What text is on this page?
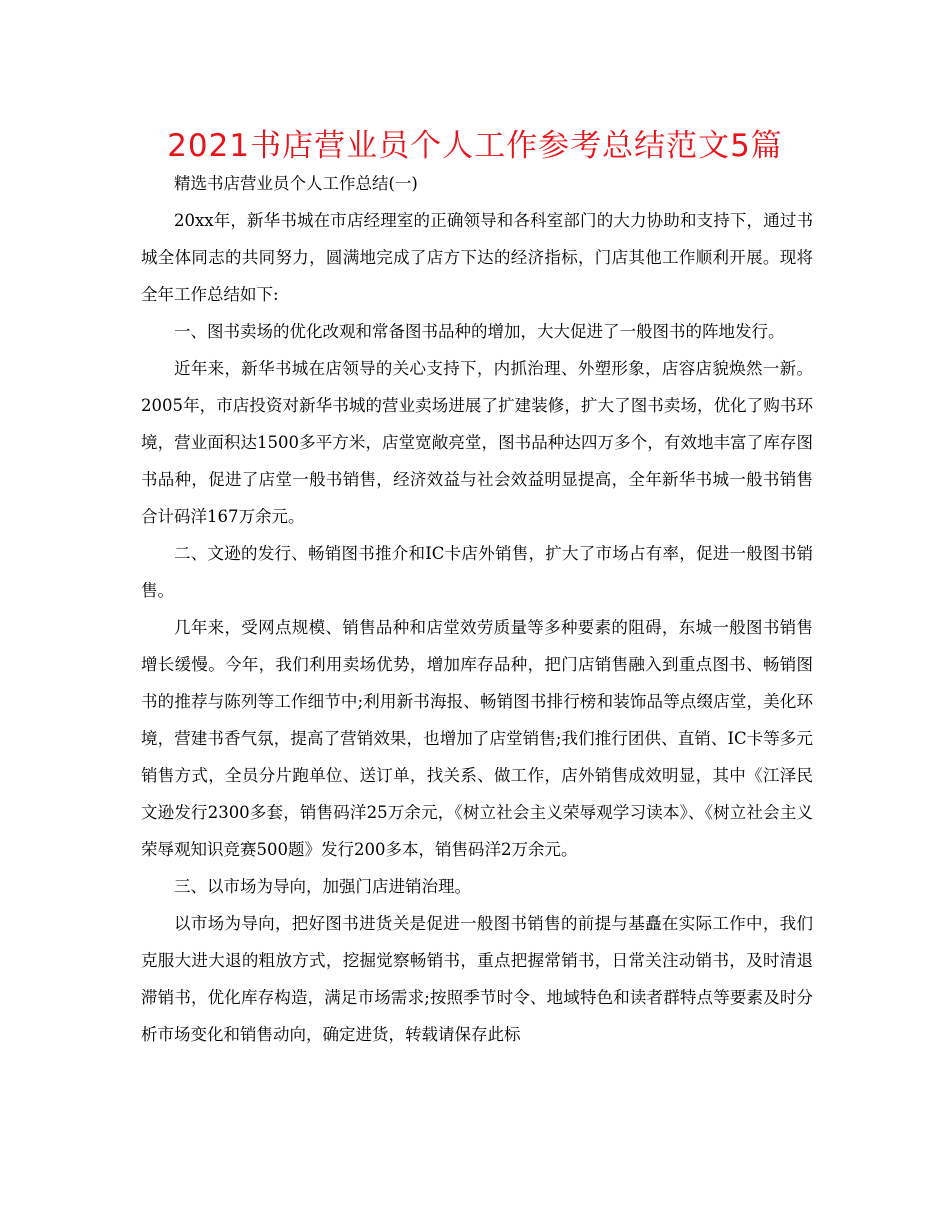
2021书店营业员个人工作参考总结范文5篇

精选书店营业员个人工作总结(一)

20xx年，新华书城在市店经理室的正确领导和各科室部门的大力协助和支持下，通过书城全体同志的共同努力，圆满地完成了店方下达的经济指标，门店其他工作顺利开展。现将全年工作总结如下:

一、图书卖场的优化改观和常备图书品种的增加，大大促进了一般图书的阵地发行。

近年来，新华书城在店领导的关心支持下，内抓治理、外塑形象，店容店貌焕然一新。2005年，市店投资对新华书城的营业卖场进展了扩建装修，扩大了图书卖场，优化了购书环境，营业面积达1500多平方米，店堂宽敞亮堂，图书品种达四万多个，有效地丰富了库存图书品种，促进了店堂一般书销售，经济效益与社会效益明显提高，全年新华书城一般书销售合计码洋167万余元。

二、文逊的发行、畅销图书推介和IC卡店外销售，扩大了市场占有率，促进一般图书销售。

几年来，受网点规模、销售品种和店堂效劳质量等多种要素的阻碍，东城一般图书销售增长缓慢。今年，我们利用卖场优势，增加库存品种，把门店销售融入到重点图书、畅销图书的推荐与陈列等工作细节中;利用新书海报、畅销图书排行榜和装饰品等点缀店堂，美化环境，营建书香气氛，提高了营销效果，也增加了店堂销售;我们推行团供、直销、IC卡等多元销售方式，全员分片跑单位、送订单，找关系、做工作，店外销售成效明显，其中《江泽民文逊发行2300多套，销售码洋25万余元，《树立社会主义荣辱观学习读本》、《树立社会主义荣辱观知识竞赛500题》发行200多本，销售码洋2万余元。

三、以市场为导向，加强门店进销治理。

以市场为导向，把好图书进货关是促进一般图书销售的前提与基矗在实际工作中，我们克服大进大退的粗放方式，挖掘觉察畅销书，重点把握常销书，日常关注动销书，及时清退滞销书，优化库存构造，满足市场需求;按照季节时令、地域特色和读者群特点等要素及时分析市场变化和销售动向，确定进货，转载请保存此标
